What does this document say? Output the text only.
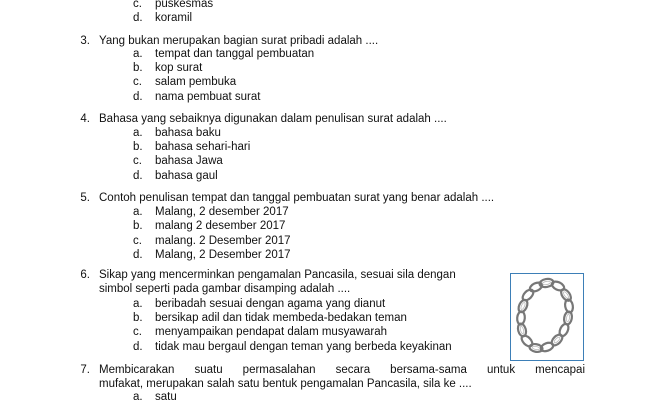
c. puskesmas
d. koramil
3. Yang bukan merupakan bagian surat pribadi adalah ....
a. tempat dan tanggal pembuatan
b. kop surat
c. salam pembuka
d. nama pembuat surat
4. Bahasa yang sebaiknya digunakan dalam penulisan surat adalah ....
a. bahasa baku
b. bahasa sehari-hari
c. bahasa Jawa
d. bahasa gaul
5. Contoh penulisan tempat dan tanggal pembuatan surat yang benar adalah ....
a. Malang, 2 desember 2017
b. malang 2 desember 2017
c. malang. 2 Desember 2017
d. Malang, 2 Desember 2017
6. Sikap yang mencerminkan pengamalan Pancasila, sesuai sila dengan
simbol seperti pada gambar disamping adalah ....
a. beribadah sesuai dengan agama yang dianut
b. bersikap adil dan tidak membeda-bedakan teman
c. menyampaikan pendapat dalam musyawarah
d. tidak mau bergaul dengan teman yang berbeda keyakinan
7. Membicarakan suatu permasalahan secara bersama-sama untuk mencapai
mufakat, merupakan salah satu bentuk pengamalan Pancasila, sila ke ....
a. satu
